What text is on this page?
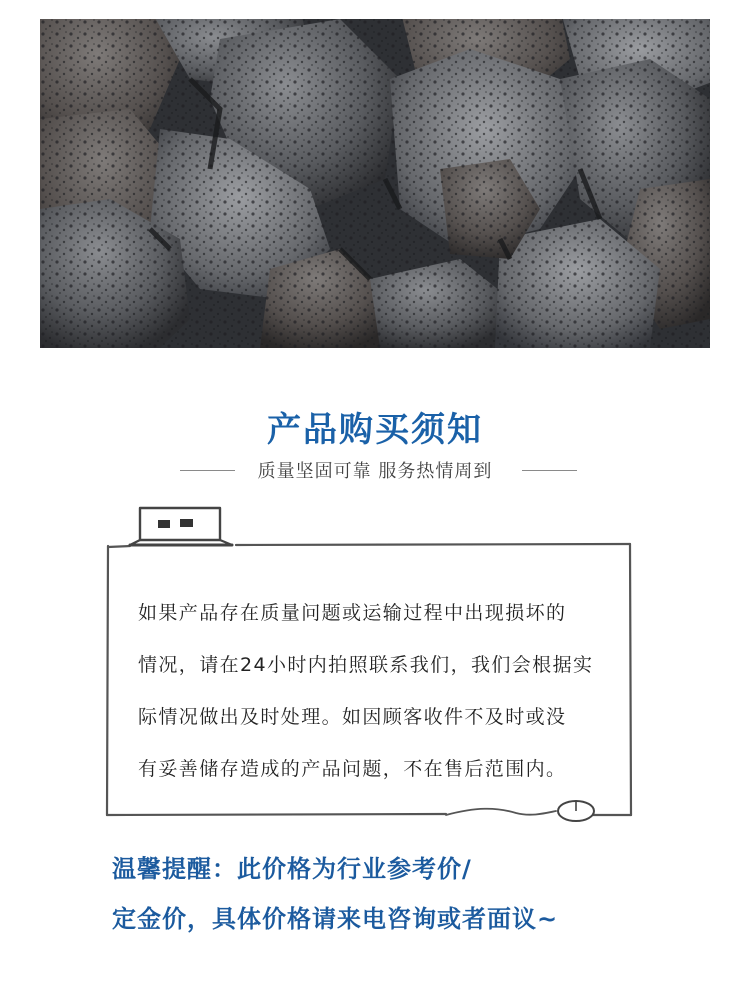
产品购买须知
质量坚固可靠 服务热情周到
如果产品存在质量问题或运输过程中出现损坏的
情况，请在24小时内拍照联系我们，我们会根据实
际情况做出及时处理。如因顾客收件不及时或没
有妥善储存造成的产品问题，不在售后范围内。
温馨提醒：此价格为行业参考价/
定金价，具体价格请来电咨询或者面议~
